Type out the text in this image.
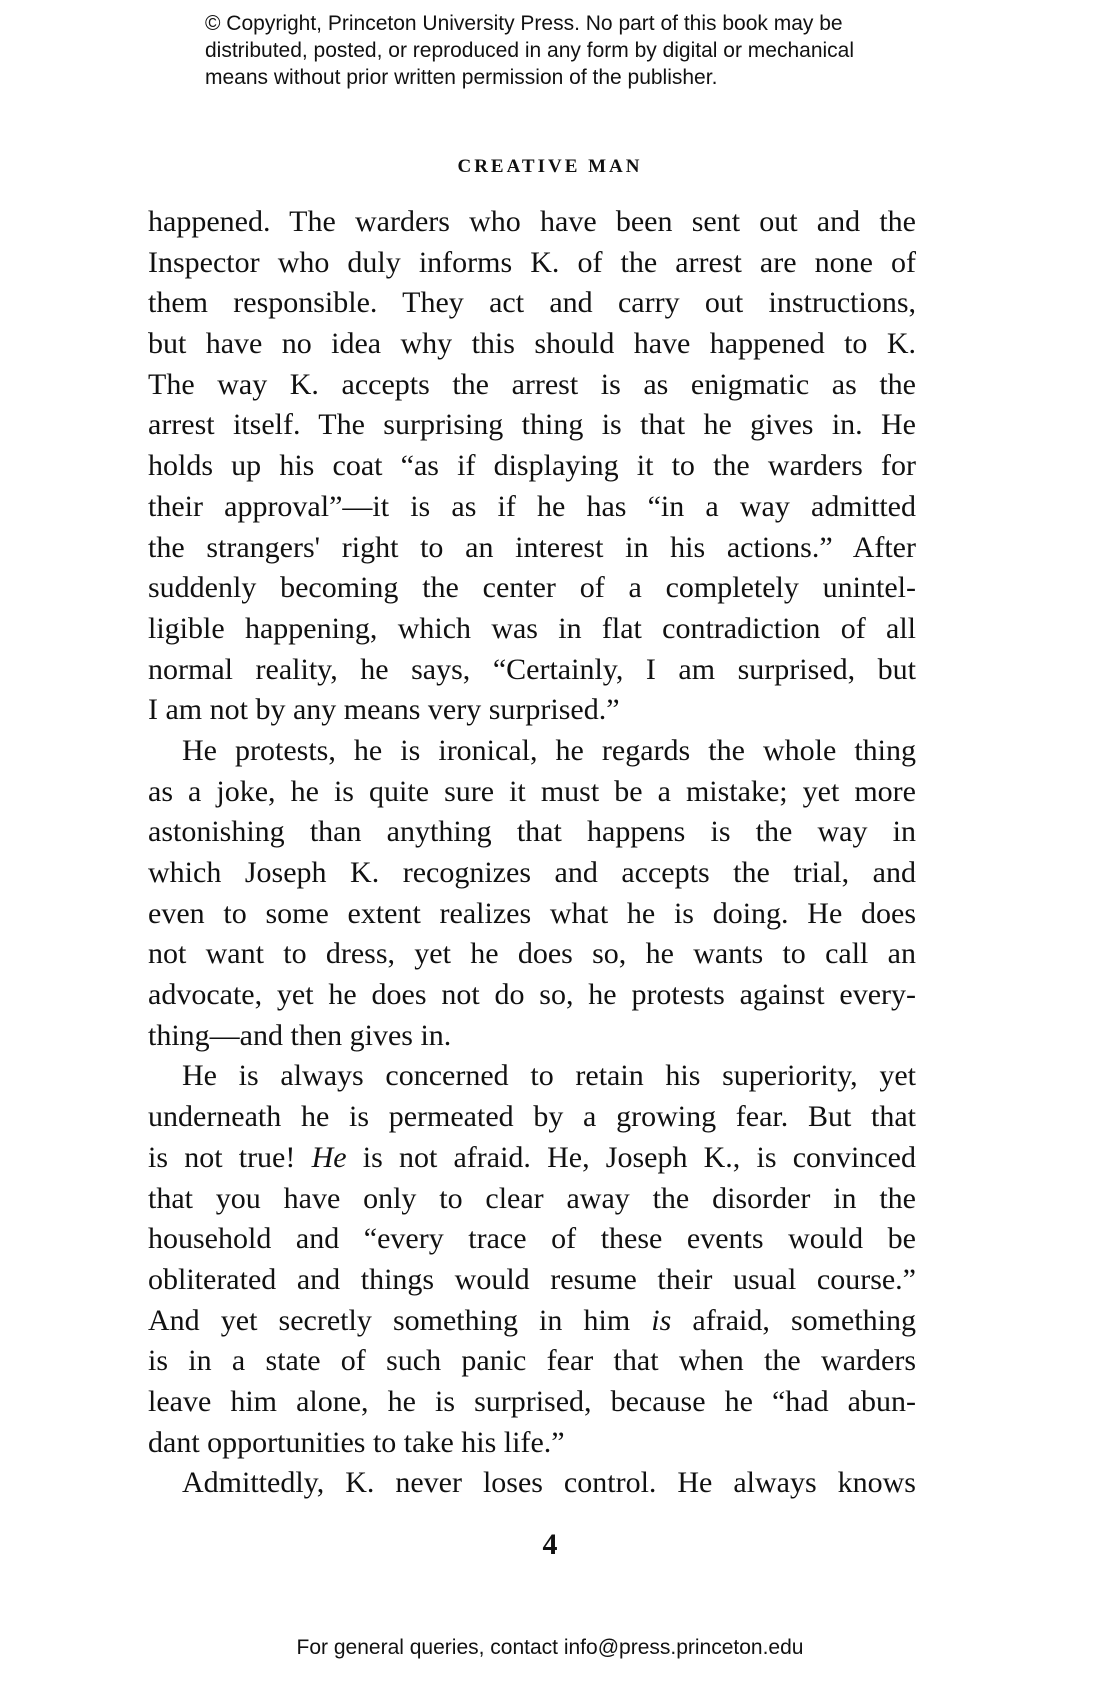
© Copyright, Princeton University Press. No part of this book may be
distributed, posted, or reproduced in any form by digital or mechanical
means without prior written permission of the publisher.
CREATIVE MAN
happened. The warders who have been sent out and the
Inspector who duly informs K. of the arrest are none of
them responsible. They act and carry out instructions,
but have no idea why this should have happened to K.
The way K. accepts the arrest is as enigmatic as the
arrest itself. The surprising thing is that he gives in. He
holds up his coat “as if displaying it to the warders for
their approval”—it is as if he has “in a way admitted
the strangers' right to an interest in his actions.” After
suddenly becoming the center of a completely unintel-
ligible happening, which was in flat contradiction of all
normal reality, he says, “Certainly, I am surprised, but
I am not by any means very surprised.”
He protests, he is ironical, he regards the whole thing
as a joke, he is quite sure it must be a mistake; yet more
astonishing than anything that happens is the way in
which Joseph K. recognizes and accepts the trial, and
even to some extent realizes what he is doing. He does
not want to dress, yet he does so, he wants to call an
advocate, yet he does not do so, he protests against every-
thing—and then gives in.
He is always concerned to retain his superiority, yet
underneath he is permeated by a growing fear. But that
is not true! He is not afraid. He, Joseph K., is convinced
that you have only to clear away the disorder in the
household and “every trace of these events would be
obliterated and things would resume their usual course.”
And yet secretly something in him is afraid, something
is in a state of such panic fear that when the warders
leave him alone, he is surprised, because he “had abun-
dant opportunities to take his life.”
Admittedly, K. never loses control. He always knows
4
For general queries, contact info@press.princeton.edu
